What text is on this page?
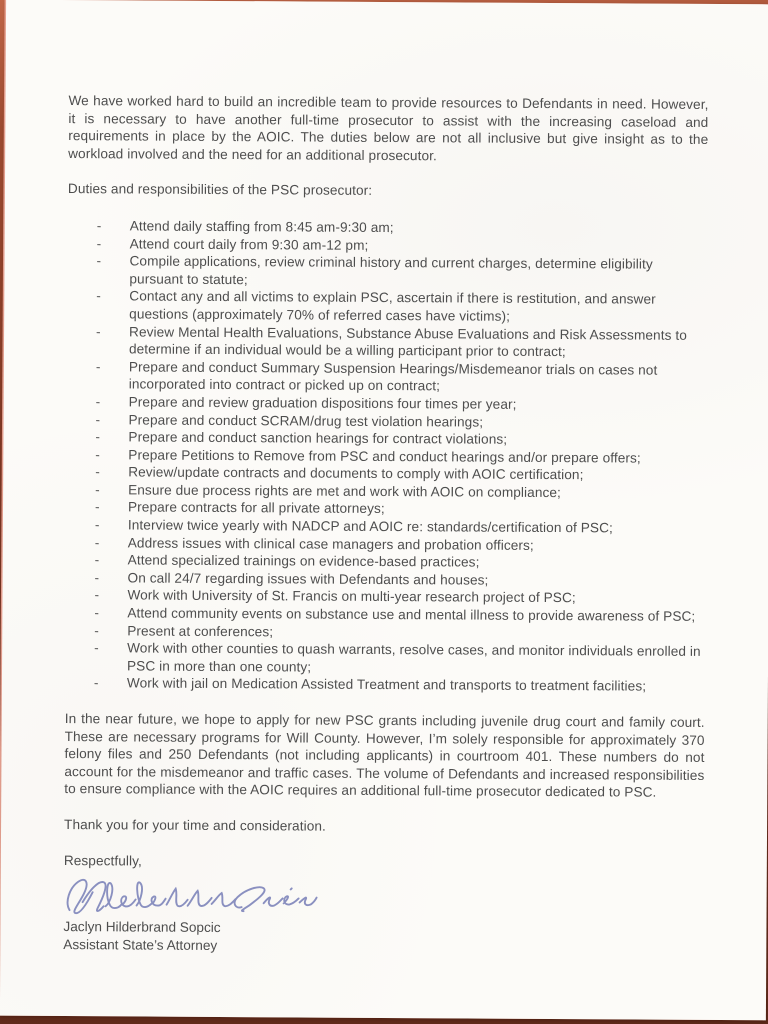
We have worked hard to build an incredible team to provide resources to Defendants in need. However, it is necessary to have another full-time prosecutor to assist with the increasing caseload and requirements in place by the AOIC. The duties below are not all inclusive but give insight as to the workload involved and the need for an additional prosecutor.

Duties and responsibilities of the PSC prosecutor:

- Attend daily staffing from 8:45 am-9:30 am;
- Attend court daily from 9:30 am-12 pm;
- Compile applications, review criminal history and current charges, determine eligibility pursuant to statute;
- Contact any and all victims to explain PSC, ascertain if there is restitution, and answer questions (approximately 70% of referred cases have victims);
- Review Mental Health Evaluations, Substance Abuse Evaluations and Risk Assessments to determine if an individual would be a willing participant prior to contract;
- Prepare and conduct Summary Suspension Hearings/Misdemeanor trials on cases not incorporated into contract or picked up on contract;
- Prepare and review graduation dispositions four times per year;
- Prepare and conduct SCRAM/drug test violation hearings;
- Prepare and conduct sanction hearings for contract violations;
- Prepare Petitions to Remove from PSC and conduct hearings and/or prepare offers;
- Review/update contracts and documents to comply with AOIC certification;
- Ensure due process rights are met and work with AOIC on compliance;
- Prepare contracts for all private attorneys;
- Interview twice yearly with NADCP and AOIC re: standards/certification of PSC;
- Address issues with clinical case managers and probation officers;
- Attend specialized trainings on evidence-based practices;
- On call 24/7 regarding issues with Defendants and houses;
- Work with University of St. Francis on multi-year research project of PSC;
- Attend community events on substance use and mental illness to provide awareness of PSC;
- Present at conferences;
- Work with other counties to quash warrants, resolve cases, and monitor individuals enrolled in PSC in more than one county;
- Work with jail on Medication Assisted Treatment and transports to treatment facilities;

In the near future, we hope to apply for new PSC grants including juvenile drug court and family court. These are necessary programs for Will County. However, I’m solely responsible for approximately 370 felony files and 250 Defendants (not including applicants) in courtroom 401. These numbers do not account for the misdemeanor and traffic cases. The volume of Defendants and increased responsibilities to ensure compliance with the AOIC requires an additional full-time prosecutor dedicated to PSC.

Thank you for your time and consideration.

Respectfully,

Jaclyn Hilderbrand Sopcic

Assistant State’s Attorney
